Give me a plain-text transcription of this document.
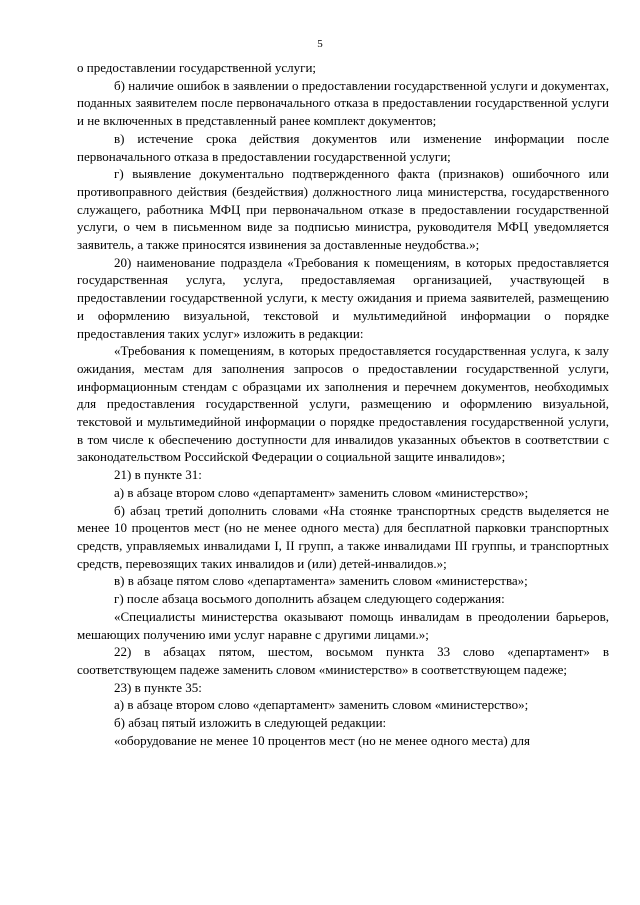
5

о предоставлении государственной услуги;

б) наличие ошибок в заявлении о предоставлении государственной услуги и документах, поданных заявителем после первоначального отказа в предоставлении государственной услуги и не включенных в представленный ранее комплект документов;

в) истечение срока действия документов или изменение информации после первоначального отказа в предоставлении государственной услуги;

г) выявление документально подтвержденного факта (признаков) ошибочного или противоправного действия (бездействия) должностного лица министерства, государственного служащего, работника МФЦ при первоначальном отказе в предоставлении государственной услуги, о чем в письменном виде за подписью министра, руководителя МФЦ уведомляется заявитель, а также приносятся извинения за доставленные неудобства.»;

20) наименование подраздела «Требования к помещениям, в которых предоставляется государственная услуга, услуга, предоставляемая организацией, участвующей в предоставлении государственной услуги, к месту ожидания и приема заявителей, размещению и оформлению визуальной, текстовой и мультимедийной информации о порядке предоставления таких услуг» изложить в редакции:

«Требования к помещениям, в которых предоставляется государственная услуга, к залу ожидания, местам для заполнения запросов о предоставлении государственной услуги, информационным стендам с образцами их заполнения и перечнем документов, необходимых для предоставления государственной услуги, размещению и оформлению визуальной, текстовой и мультимедийной информации о порядке предоставления государственной услуги, в том числе к обеспечению доступности для инвалидов указанных объектов в соответствии с законодательством Российской Федерации о социальной защите инвалидов»;

21) в пункте 31:

а) в абзаце втором слово «департамент» заменить словом «министерство»;

б) абзац третий дополнить словами «На стоянке транспортных средств выделяется не менее 10 процентов мест (но не менее одного места) для бесплатной парковки транспортных средств, управляемых инвалидами I, II групп, а также инвалидами III группы, и транспортных средств, перевозящих таких инвалидов и (или) детей-инвалидов.»;

в) в абзаце пятом слово «департамента» заменить словом «министерства»;

г) после абзаца восьмого дополнить абзацем следующего содержания:

«Специалисты министерства оказывают помощь инвалидам в преодолении барьеров, мешающих получению ими услуг наравне с другими лицами.»;

22) в абзацах пятом, шестом, восьмом пункта 33 слово «департамент» в соответствующем падеже заменить словом «министерство» в соответствующем падеже;

23) в пункте 35:

а) в абзаце втором слово «департамент» заменить словом «министерство»;

б) абзац пятый изложить в следующей редакции:

«оборудование не менее 10 процентов мест (но не менее одного места) для
